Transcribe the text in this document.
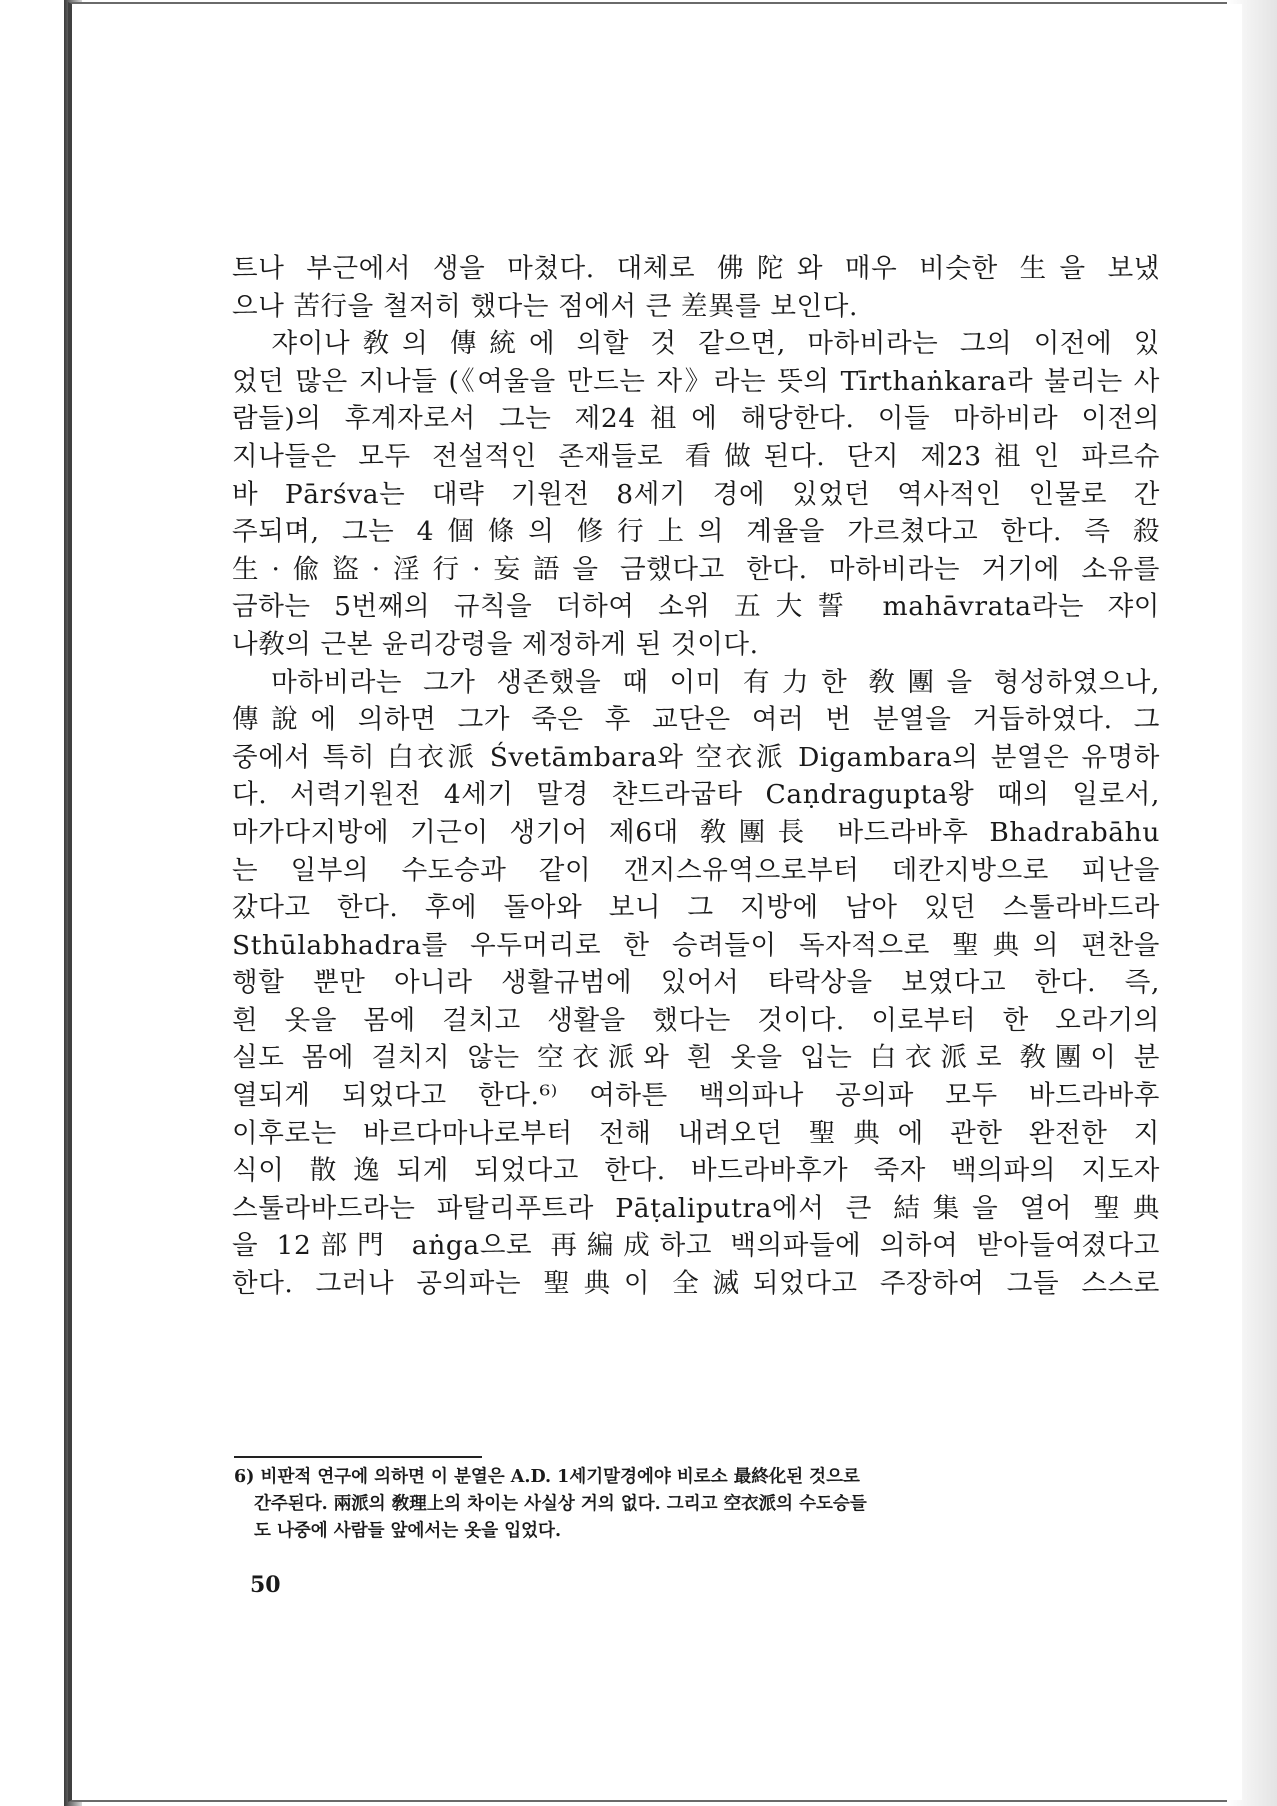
트나 부근에서 생을 마쳤다. 대체로 佛陀와 매우 비슷한 生을 보냈
으나 苦行을 철저히 했다는 점에서 큰 差異를 보인다.
　쟈이나敎의 傳統에 의할 것 같으면, 마하비라는 그의 이전에 있
었던 많은 지나들 (《여울을 만드는 자》라는 뜻의 Tīrthaṅkara라 불리는 사
람들)의 후계자로서 그는 제24祖에 해당한다. 이들 마하비라 이전의
지나들은 모두 전설적인 존재들로 看做된다. 단지 제23祖인 파르슈
바 Pārśva는 대략 기원전 8세기 경에 있었던 역사적인 인물로 간
주되며, 그는 4個條의 修行上의 계율을 가르쳤다고 한다. 즉 殺
生·偸盜·淫行·妄語을 금했다고 한다. 마하비라는 거기에 소유를
금하는 5번째의 규칙을 더하여 소위 五大誓 mahāvrata라는 쟈이
나敎의 근본 윤리강령을 제정하게 된 것이다.
　마하비라는 그가 생존했을 때 이미 有力한 敎團을 형성하였으나,
傳說에 의하면 그가 죽은 후 교단은 여러 번 분열을 거듭하였다. 그
중에서 특히 白衣派 Śvetāmbara와 空衣派 Digambara의 분열은 유명하
다. 서력기원전 4세기 말경 챤드라굽타 Caṇdragupta왕 때의 일로서,
마가다지방에 기근이 생기어 제6대 敎團長 바드라바후 Bhadrabāhu
는 일부의 수도승과 같이 갠지스유역으로부터 데칸지방으로 피난을
갔다고 한다. 후에 돌아와 보니 그 지방에 남아 있던 스툴라바드라
Sthūlabhadra를 우두머리로 한 승려들이 독자적으로 聖典의 편찬을
행할 뿐만 아니라 생활규범에 있어서 타락상을 보였다고 한다. 즉,
흰 옷을 몸에 걸치고 생활을 했다는 것이다. 이로부터 한 오라기의
실도 몸에 걸치지 않는 空衣派와 흰 옷을 입는 白衣派로 敎團이 분
열되게 되었다고 한다.⁶⁾ 여하튼 백의파나 공의파 모두 바드라바후
이후로는 바르다마나로부터 전해 내려오던 聖典에 관한 완전한 지
식이 散逸되게 되었다고 한다. 바드라바후가 죽자 백의파의 지도자
스툴라바드라는 파탈리푸트라 Pāṭaliputra에서 큰 結集을 열어 聖典
을 12部門 aṅga으로 再編成하고 백의파들에 의하여 받아들여졌다고
한다. 그러나 공의파는 聖典이 全滅되었다고 주장하여 그들 스스로
6) 비판적 연구에 의하면 이 분열은 A.D. 1세기말경에야 비로소 最終化된 것으로
간주된다. 兩派의 敎理上의 차이는 사실상 거의 없다. 그리고 空衣派의 수도승들
도 나중에 사람들 앞에서는 옷을 입었다.
50
